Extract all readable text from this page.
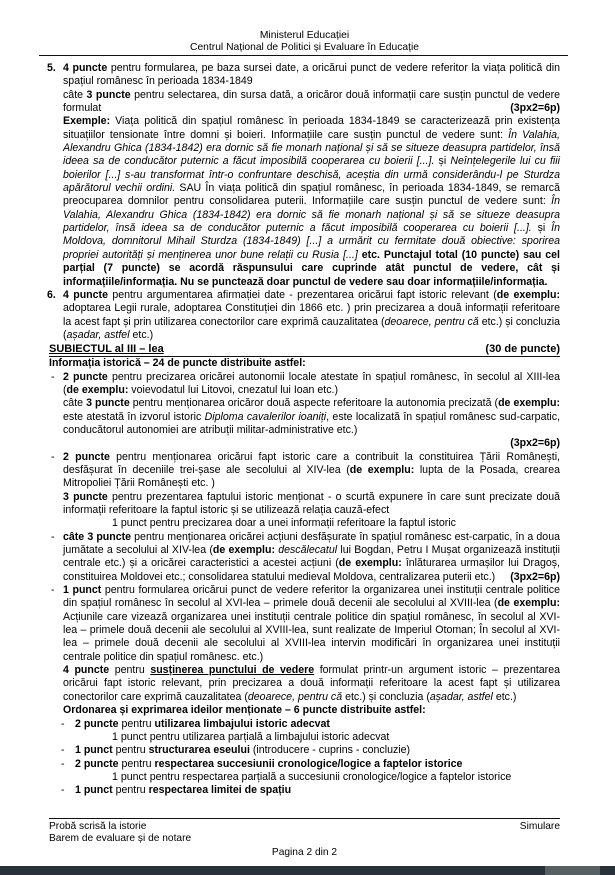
Ministerul Educației
Centrul Național de Politici și Evaluare în Educație
5. 4 puncte pentru formularea, pe baza sursei date, a oricărui punct de vedere referitor la viața politică din spațiul românesc în perioada 1834-1849
câte 3 puncte pentru selectarea, din sursa dată, a oricăror două informații care susțin punctul de vedere formulat	(3px2=6p)
Exemple: Viața politică din spațiul românesc în perioada 1834-1849 se caracterizează prin existența situațiilor tensionate între domni și boieri. Informațiile care susțin punctul de vedere sunt: În Valahia, Alexandru Ghica (1834-1842) era dornic să fie monarh național și să se situeze deasupra partidelor, însă ideea sa de conducător puternic a făcut imposibilă cooperarea cu boierii [...]. și Neînțelegerile lui cu fiii boierilor [...] s-au transformat într-o confruntare deschisă, aceștia din urmă considerându-l pe Sturdza apărătorul vechii ordini. SAU În viața politică din spațiul românesc, în perioada 1834-1849, se remarcă preocuparea domnilor pentru consolidarea puterii. Informațiile care susțin punctul de vedere sunt: În Valahia, Alexandru Ghica (1834-1842) era dornic să fie monarh național și să se situeze deasupra partidelor, însă ideea sa de conducător puternic a făcut imposibilă cooperarea cu boierii [...]. și În Moldova, domnitorul Mihail Sturdza (1834-1849) [...] a urmărit cu fermitate două obiective: sporirea propriei autorități și menținerea unor bune relații cu Rusia [...] etc. Punctajul total (10 puncte) sau cel parțial (7 puncte) se acordă răspunsului care cuprinde atât punctul de vedere, cât și informațiile/informația. Nu se punctează doar punctul de vedere sau doar informațiile/informația.
6. 4 puncte pentru argumentarea afirmației date - prezentarea oricărui fapt istoric relevant (de exemplu: adoptarea Legii rurale, adoptarea Constituției din 1866 etc. ) prin precizarea a două informații referitoare la acest fapt și prin utilizarea conectorilor care exprimă cauzalitatea (deoarece, pentru că etc.) și concluzia (așadar, astfel etc.)
SUBIECTUL al III – lea	(30 de puncte)
Informația istorică – 24 de puncte distribuite astfel:
- 2 puncte pentru precizarea oricărei autonomii locale atestate în spațiul românesc, în secolul al XIII-lea (de exemplu: voievodatul lui Litovoi, cnezatul lui Ioan etc.)
câte 3 puncte pentru menționarea oricăror două aspecte referitoare la autonomia precizată (de exemplu: este atestată în izvorul istoric Diploma cavalerilor ioaniți, este localizată în spațiul românesc sud-carpatic, conducătorul autonomiei are atribuții militar-administrative etc.)
(3px2=6p)
- 2 puncte pentru menționarea oricărui fapt istoric care a contribuit la constituirea Țării Românești, desfășurat în deceniile trei-șase ale secolului al XIV-lea (de exemplu: lupta de la Posada, crearea Mitropoliei Țării Românești etc. )
3 puncte pentru prezentarea faptului istoric menționat - o scurtă expunere în care sunt precizate două informații referitoare la faptul istoric și se utilizează relația cauză-efect
1 punct pentru precizarea doar a unei informații referitoare la faptul istoric
- câte 3 puncte pentru menționarea oricărei acțiuni desfășurate în spațiul românesc est-carpatic, în a doua jumătate a secolului al XIV-lea (de exemplu: descălecatul lui Bogdan, Petru I Mușat organizează instituții centrale etc.) și a oricărei caracteristici a acestei acțiuni (de exemplu: înlăturarea urmașilor lui Dragoș, constituirea Moldovei etc.; consolidarea statului medieval Moldova, centralizarea puterii etc.)	(3px2=6p)
- 1 punct pentru formularea oricărui punct de vedere referitor la organizarea unei instituții centrale politice din spațiul românesc în secolul al XVI-lea – primele două decenii ale secolului al XVIII-lea (de exemplu: Acțiunile care vizează organizarea unei instituții centrale politice din spațiul românesc, în secolul al XVI-lea – primele două decenii ale secolului al XVIII-lea, sunt realizate de Imperiul Otoman; În secolul al XVI-lea – primele două decenii ale secolului al XVIII-lea intervin modificări în organizarea unei instituții centrale politice din spațiul românesc. etc.)
4 puncte pentru susținerea punctului de vedere formulat printr-un argument istoric – prezentarea oricărui fapt istoric relevant, prin precizarea a două informații referitoare la acest fapt și utilizarea conectorilor care exprimă cauzalitatea (deoarece, pentru că etc.) și concluzia (așadar, astfel etc.)
Ordonarea și exprimarea ideilor menționate – 6 puncte distribuite astfel:
- 2 puncte pentru utilizarea limbajului istoric adecvat
1 punct pentru utilizarea parțială a limbajului istoric adecvat
- 1 punct pentru structurarea eseului (introducere - cuprins - concluzie)
- 2 puncte pentru respectarea succesiunii cronologice/logice a faptelor istorice
1 punct pentru respectarea parțială a succesiunii cronologice/logice a faptelor istorice
- 1 punct pentru respectarea limitei de spațiu
Probă scrisă la istorie	Simulare
Barem de evaluare și de notare
Pagina 2 din 2
